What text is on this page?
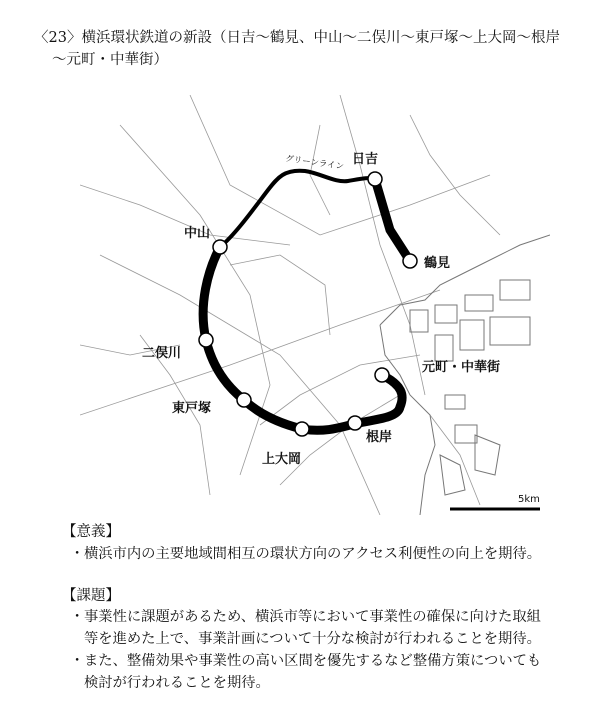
〈23〉横浜環状鉄道の新設（日吉〜鶴見、中山〜二俣川〜東戸塚〜上大岡〜根岸
〜元町・中華街）
グリーンライン 日吉
鶴見
中山
二俣川
東戸塚
上大岡
根岸
元町・中華街
5km
【意義】
・横浜市内の主要地域間相互の環状方向のアクセス利便性の向上を期待。
【課題】
・事業性に課題があるため、横浜市等において事業性の確保に向けた取組
等を進めた上で、事業計画について十分な検討が行われることを期待。
・また、整備効果や事業性の高い区間を優先するなど整備方策についても
検討が行われることを期待。
